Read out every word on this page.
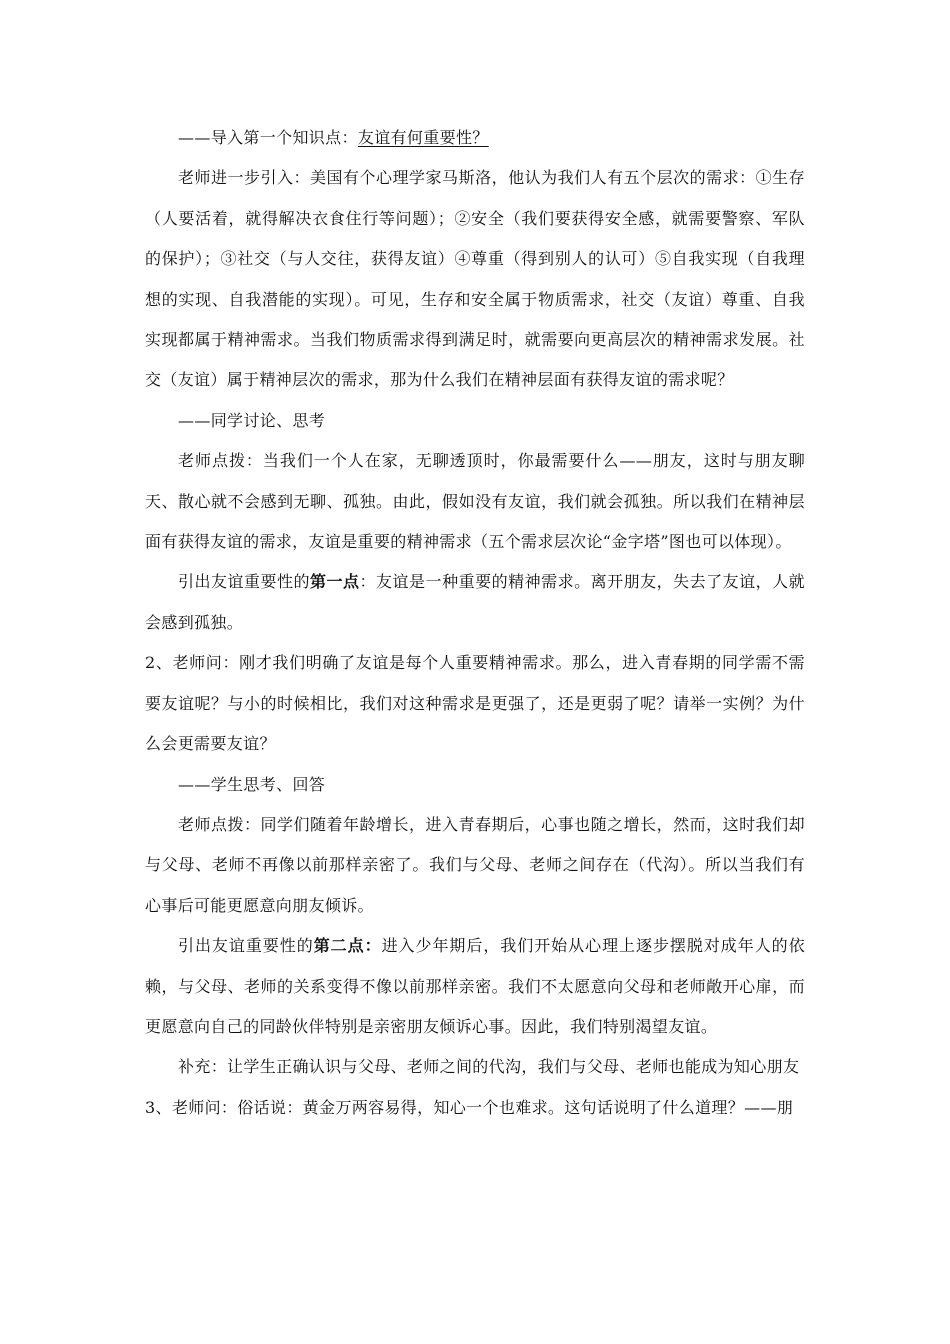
——导入第一个知识点：友谊有何重要性？

老师进一步引入：美国有个心理学家马斯洛，他认为我们人有五个层次的需求：①生存（人要活着，就得解决衣食住行等问题）；②安全（我们要获得安全感，就需要警察、军队的保护）；③社交（与人交往，获得友谊）④尊重（得到别人的认可）⑤自我实现（自我理想的实现、自我潜能的实现）。可见，生存和安全属于物质需求，社交（友谊）尊重、自我实现都属于精神需求。当我们物质需求得到满足时，就需要向更高层次的精神需求发展。社交（友谊）属于精神层次的需求，那为什么我们在精神层面有获得友谊的需求呢？

——同学讨论、思考

老师点拨：当我们一个人在家，无聊透顶时，你最需要什么——朋友，这时与朋友聊天、散心就不会感到无聊、孤独。由此，假如没有友谊，我们就会孤独。所以我们在精神层面有获得友谊的需求，友谊是重要的精神需求（五个需求层次论“金字塔”图也可以体现）。

引出友谊重要性的第一点：友谊是一种重要的精神需求。离开朋友，失去了友谊，人就会感到孤独。

2、老师问：刚才我们明确了友谊是每个人重要精神需求。那么，进入青春期的同学需不需要友谊呢？与小的时候相比，我们对这种需求是更强了，还是更弱了呢？请举一实例？为什么会更需要友谊？

——学生思考、回答

老师点拨：同学们随着年龄增长，进入青春期后，心事也随之增长，然而，这时我们却与父母、老师不再像以前那样亲密了。我们与父母、老师之间存在（代沟）。所以当我们有心事后可能更愿意向朋友倾诉。

引出友谊重要性的第二点：进入少年期后，我们开始从心理上逐步摆脱对成年人的依赖，与父母、老师的关系变得不像以前那样亲密。我们不太愿意向父母和老师敞开心扉，而更愿意向自己的同龄伙伴特别是亲密朋友倾诉心事。因此，我们特别渴望友谊。

补充：让学生正确认识与父母、老师之间的代沟，我们与父母、老师也能成为知心朋友

3、老师问：俗话说：黄金万两容易得，知心一个也难求。这句话说明了什么道理？——朋
